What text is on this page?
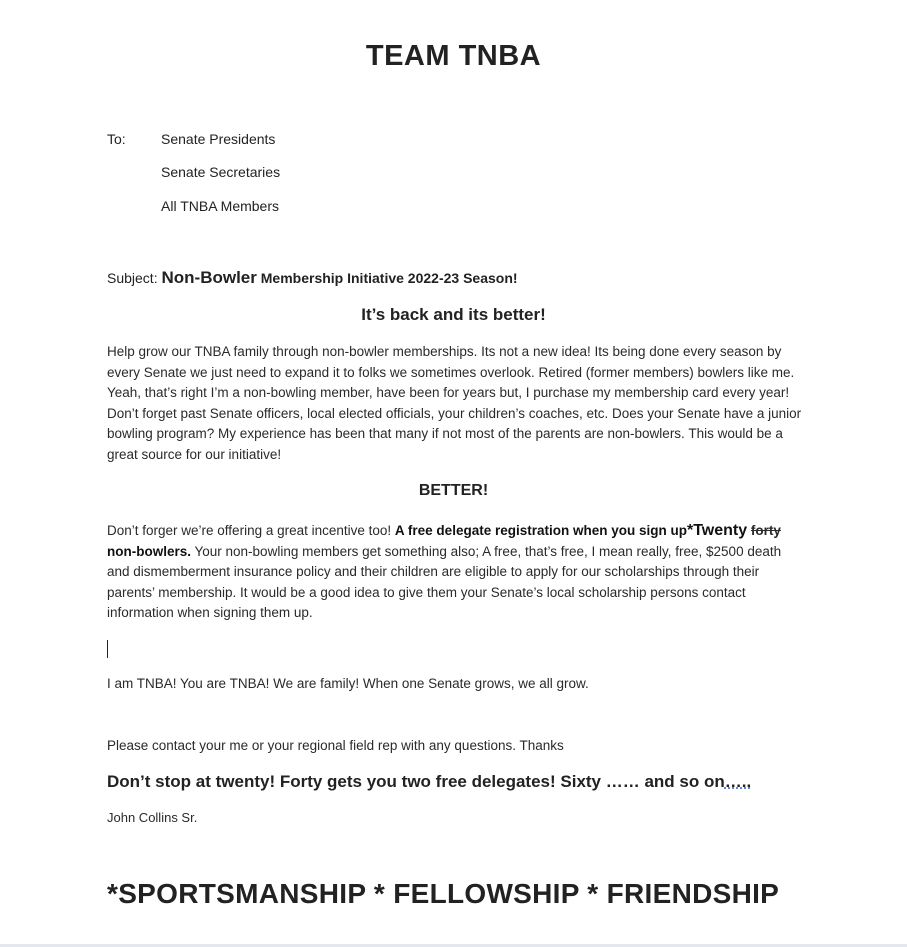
TEAM TNBA
To:	Senate Presidents
Senate Secretaries
All TNBA Members
Subject: Non-Bowler Membership Initiative 2022-23 Season!
It’s back and its better!
Help grow our TNBA family through non-bowler memberships. Its not a new idea! Its being done every season by every Senate we just need to expand it to folks we sometimes overlook. Retired (former members) bowlers like me. Yeah, that’s right I’m a non-bowling member, have been for years but, I purchase my membership card every year! Don’t forget past Senate officers, local elected officials, your children’s coaches, etc. Does your Senate have a junior bowling program? My experience has been that many if not most of the parents are non-bowlers. This would be a great source for our initiative!
BETTER!
Don’t forger we’re offering a great incentive too! A free delegate registration when you sign up*Twenty forty non-bowlers. Your non-bowling members get something also; A free, that’s free, I mean really, free, $2500 death and dismemberment insurance policy and their children are eligible to apply for our scholarships through their parents’ membership. It would be a good idea to give them your Senate’s local scholarship persons contact information when signing them up.
I am TNBA! You are TNBA! We are family! When one Senate grows, we all grow.
Please contact your me or your regional field rep with any questions. Thanks
Don’t stop at twenty! Forty gets you two free delegates! Sixty …… and so on…..
John Collins Sr.
*SPORTSMANSHIP * FELLOWSHIP * FRIENDSHIP
